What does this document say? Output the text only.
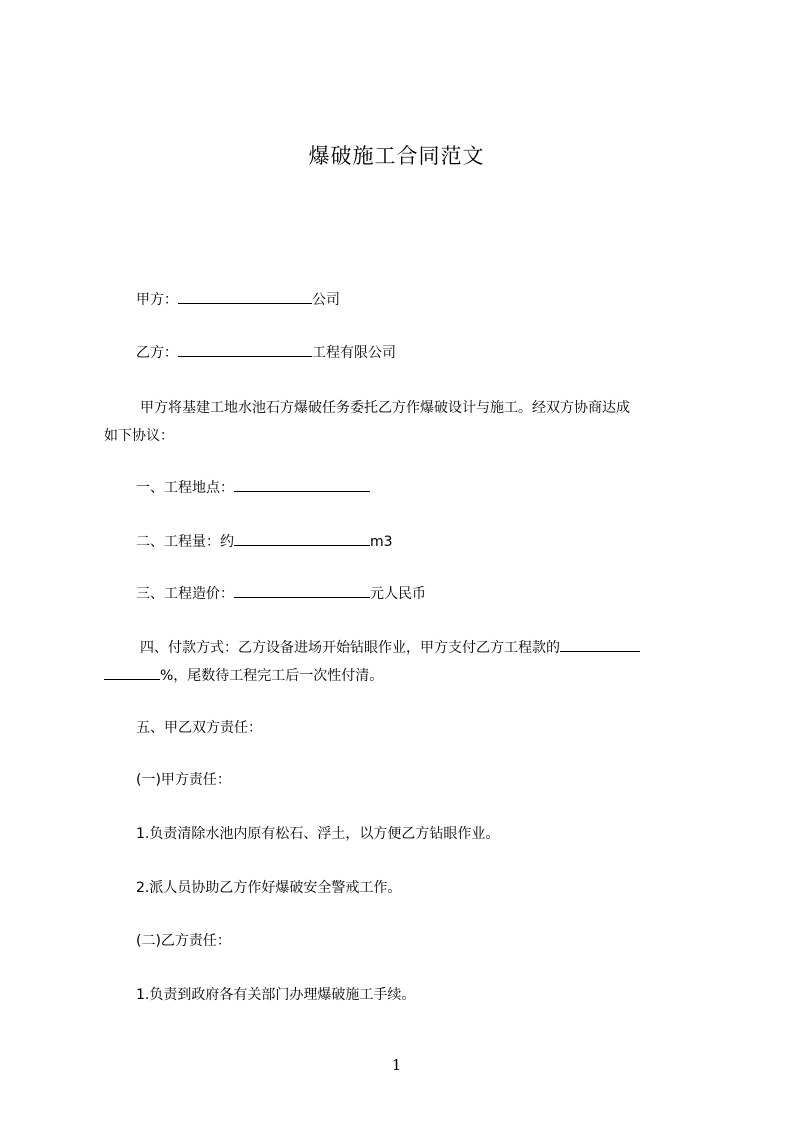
爆破施工合同范文
甲方：	公司
乙方：	工程有限公司
甲方将基建工地水池石方爆破任务委托乙方作爆破设计与施工。经双方协商达成
如下协议：
一、工程地点：
二、工程量：约	m3
三、工程造价：	元人民币
四、付款方式：乙方设备进场开始钻眼作业，甲方支付乙方工程款的
%，尾数待工程完工后一次性付清。
五、甲乙双方责任：
(一)甲方责任：
1.负责清除水池内原有松石、浮土，以方便乙方钻眼作业。
2.派人员协助乙方作好爆破安全警戒工作。
(二)乙方责任：
1.负责到政府各有关部门办理爆破施工手续。
1
